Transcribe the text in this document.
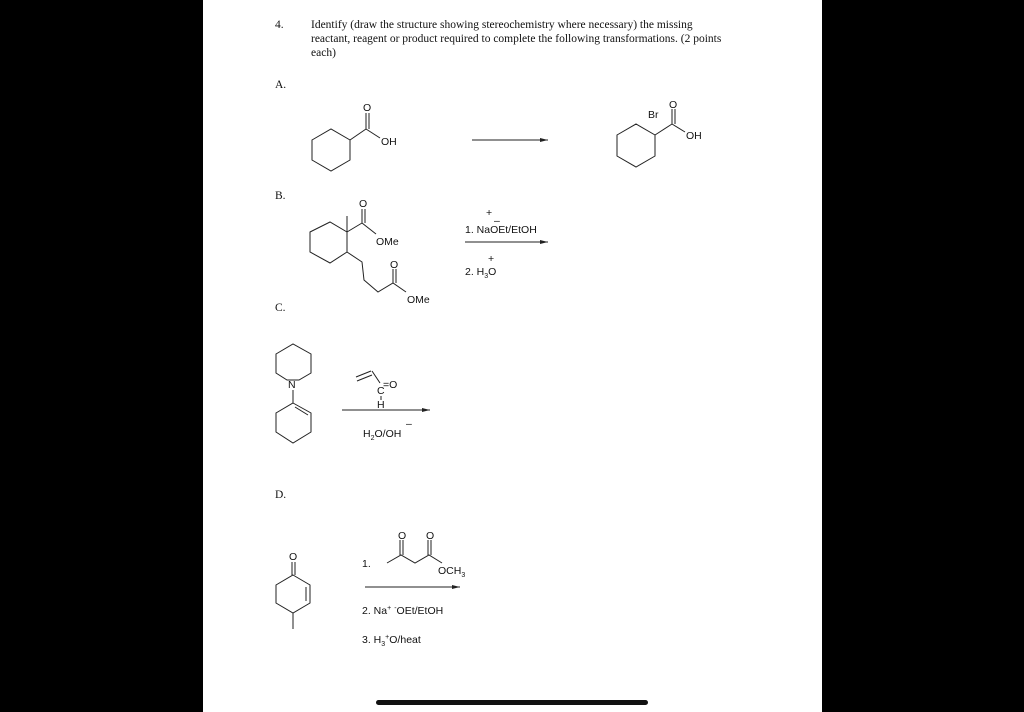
4. Identify (draw the structure showing stereochemistry where necessary) the missing reactant, reagent or product required to complete the following transformations. (2 points each)
A.
B.
C.
D.
O
OH
Br
O
OH
O
OMe
O
OMe
+
–
1. NaOEt/EtOH
+
2. $H_3O$
N	C
=O
H
$H_2O/OH$
–
O
1.
O O
$OCH_3$
2. Na+ -OEt/EtOH
3. $H_3^+O$/heat
